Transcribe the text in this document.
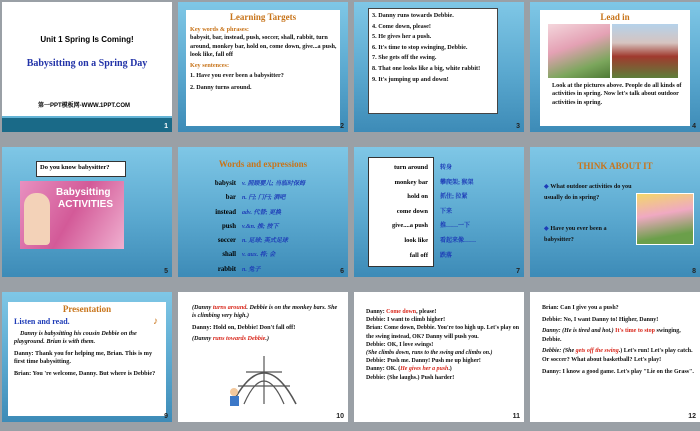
Unit 1 Spring Is Coming!
Babysitting on a Spring Day
第一PPT模板网-WWW.1PPT.COM
1
Learning Targets
Key words & phrases:
babysit, bar, instead, push, soccer, shall, rabbit, turn around, monkey bar, hold on, come down, give...a push, look like, fall off
Key sentences:
1. Have you ever been a babysitter?
2. Danny turns around.
2
3. Danny runs towards Debbie.
4. Come down, please!
5. He gives her a push.
6. It's time to stop swinging, Debbie.
7. She gets off the swing.
8. That one looks like a big, white rabbit!
9. It's jumping up and down!
3
Lead in
Look at the pictures above. People do all kinds of activities in spring. Now let's talk about outdoor activities in spring.
4
Do you know babysitter?
Babysitting
ACTIVITIES
5
Words and expressions
babysit
bar
instead
push
soccer
shall
rabbit
v. 照顾婴儿; 当临时保姆
n. 闩; 门闩; 酒吧
adv. 代替; 更换
v.&n. 推; 按下
n. 足球; 英式足球
v. aux. 将; 会
n. 兔子	6
turn around
monkey bar
hold on
come down
give....a push
look like
fall off
转身
攀爬架; 猴架
抓住; 拉紧
下来
推……一下
看起来像……
跌落
7
THINK ABOUT IT
◆ What outdoor activities do you usually do in spring?
◆ Have you ever been a babysitter?
8
Presentation
Listen and read.	♪
Danny is babysitting his cousin Debbie on the playground. Brian is with them.
Danny: Thank you for helping me, Brian. This is my first time babysitting.
Brian: You 're welcome, Danny. But where is Debbie?
9
(Danny turns around. Debbie is on the monkey bars. She is climbing very high.)
Danny: Hold on, Debbie! Don't fall off!
(Danny runs towards Debbie.)
10
Danny: Come down, please!
Debbie: I want to climb higher!
Brian: Come down, Debbie. You're too high up. Let's play on the swing instead, OK? Danny will push you.
Debbie: OK, I love swings!
(She climbs down, runs to the swing and climbs on.)
Debbie: Push me. Danny! Push me up higher!
Danny: OK. (He gives her a push.)
Debbie: (She laughs.) Push harder!
11
Brian: Can I give you a push?
Debbie: No, I want Danny to! Higher, Danny!
Danny: (He is tired and hot.) It's time to stop swinging, Debbie.
Debbie: (She gets off the swing.) Let's run! Let's play catch. Or soccer? What about basketball? Let's play!
Danny: I know a good game. Let's play "Lie on the Grass".
12
